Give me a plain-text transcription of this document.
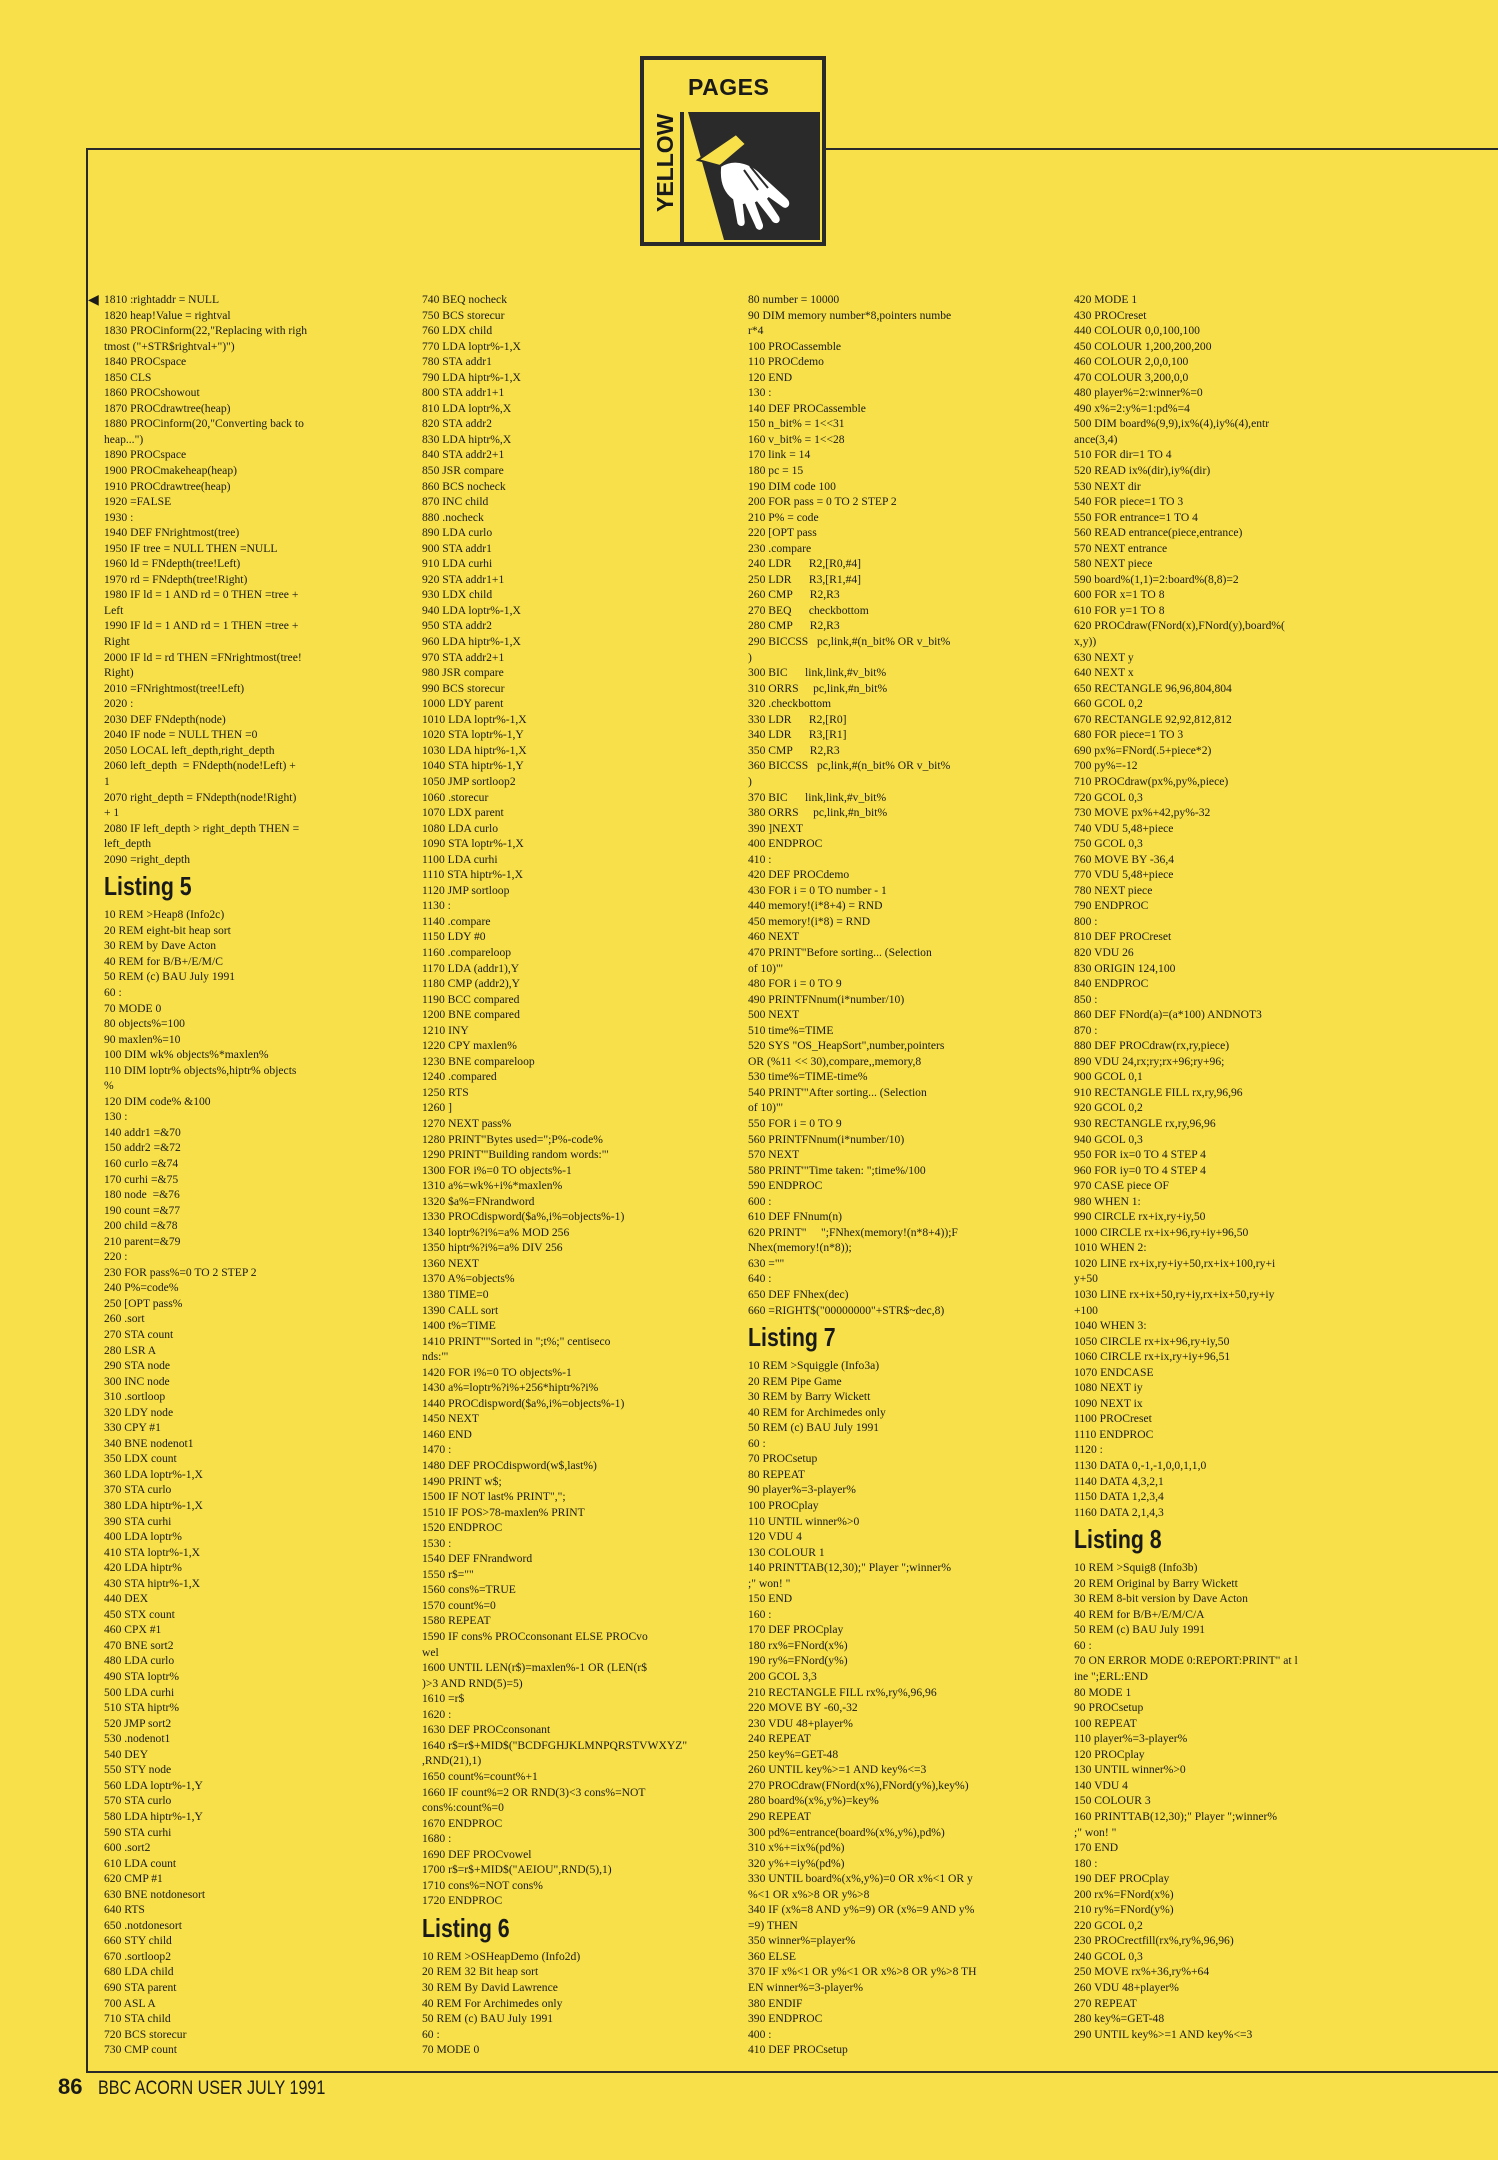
PAGES
YELLOW
◀ 1810 :rightaddr = NULL
1820 heap!Value = rightval
1830 PROCinform(22,"Replacing with righ
tmost ("+STR$rightval+")")
1840 PROCspace
1850 CLS
1860 PROCshowout
1870 PROCdrawtree(heap)
1880 PROCinform(20,"Converting back to
heap...")
1890 PROCspace
1900 PROCmakeheap(heap)
1910 PROCdrawtree(heap)
1920 =FALSE
1930 :
1940 DEF FNrightmost(tree)
1950 IF tree = NULL THEN =NULL
1960 ld = FNdepth(tree!Left)
1970 rd = FNdepth(tree!Right)
1980 IF ld = 1 AND rd = 0 THEN =tree +
Left
1990 IF ld = 1 AND rd = 1 THEN =tree +
Right
2000 IF ld = rd THEN =FNrightmost(tree!
Right)
2010 =FNrightmost(tree!Left)
2020 :
2030 DEF FNdepth(node)
2040 IF node = NULL THEN =0
2050 LOCAL left_depth,right_depth
2060 left_depth  = FNdepth(node!Left) +
1
2070 right_depth = FNdepth(node!Right)
+ 1
2080 IF left_depth > right_depth THEN =
left_depth
2090 =right_depth
Listing 5
10 REM >Heap8 (Info2c)
20 REM eight-bit heap sort
30 REM by Dave Acton
40 REM for B/B+/E/M/C
50 REM (c) BAU July 1991
60 :
70 MODE 0
80 objects%=100
90 maxlen%=10
100 DIM wk% objects%*maxlen%
110 DIM loptr% objects%,hiptr% objects
%
120 DIM code% &100
130 :
140 addr1 =&70
150 addr2 =&72
160 curlo =&74
170 curhi =&75
180 node  =&76
190 count =&77
200 child =&78
210 parent=&79
220 :
230 FOR pass%=0 TO 2 STEP 2
240 P%=code%
250 [OPT pass%
260 .sort
270 STA count
280 LSR A
290 STA node
300 INC node
310 .sortloop
320 LDY node
330 CPY #1
340 BNE nodenot1
350 LDX count
360 LDA loptr%-1,X
370 STA curlo
380 LDA hiptr%-1,X
390 STA curhi
400 LDA loptr%
410 STA loptr%-1,X
420 LDA hiptr%
430 STA hiptr%-1,X
440 DEX
450 STX count
460 CPX #1
470 BNE sort2
480 LDA curlo
490 STA loptr%
500 LDA curhi
510 STA hiptr%
520 JMP sort2
530 .nodenot1
540 DEY
550 STY node
560 LDA loptr%-1,Y
570 STA curlo
580 LDA hiptr%-1,Y
590 STA curhi
600 .sort2
610 LDA count
620 CMP #1
630 BNE notdonesort
640 RTS
650 .notdonesort
660 STY child
670 .sortloop2
680 LDA child
690 STA parent
700 ASL A
710 STA child
720 BCS storecur
730 CMP count
740 BEQ nocheck
750 BCS storecur
760 LDX child
770 LDA loptr%-1,X
780 STA addr1
790 LDA hiptr%-1,X
800 STA addr1+1
810 LDA loptr%,X
820 STA addr2
830 LDA hiptr%,X
840 STA addr2+1
850 JSR compare
860 BCS nocheck
870 INC child
880 .nocheck
890 LDA curlo
900 STA addr1
910 LDA curhi
920 STA addr1+1
930 LDX child
940 LDA loptr%-1,X
950 STA addr2
960 LDA hiptr%-1,X
970 STA addr2+1
980 JSR compare
990 BCS storecur
1000 LDY parent
1010 LDA loptr%-1,X
1020 STA loptr%-1,Y
1030 LDA hiptr%-1,X
1040 STA hiptr%-1,Y
1050 JMP sortloop2
1060 .storecur
1070 LDX parent
1080 LDA curlo
1090 STA loptr%-1,X
1100 LDA curhi
1110 STA hiptr%-1,X
1120 JMP sortloop
1130 :
1140 .compare
1150 LDY #0
1160 .compareloop
1170 LDA (addr1),Y
1180 CMP (addr2),Y
1190 BCC compared
1200 BNE compared
1210 INY
1220 CPY maxlen%
1230 BNE compareloop
1240 .compared
1250 RTS
1260 ]
1270 NEXT pass%
1280 PRINT"Bytes used=";P%-code%
1290 PRINT'"Building random words:"'
1300 FOR i%=0 TO objects%-1
1310 a%=wk%+i%*maxlen%
1320 $a%=FNrandword
1330 PROCdispword($a%,i%=objects%-1)
1340 loptr%?i%=a% MOD 256
1350 hiptr%?i%=a% DIV 256
1360 NEXT
1370 A%=objects%
1380 TIME=0
1390 CALL sort
1400 t%=TIME
1410 PRINT''"Sorted in ";t%;" centiseco
nds:"'
1420 FOR i%=0 TO objects%-1
1430 a%=loptr%?i%+256*hiptr%?i%
1440 PROCdispword($a%,i%=objects%-1)
1450 NEXT
1460 END
1470 :
1480 DEF PROCdispword(w$,last%)
1490 PRINT w$;
1500 IF NOT last% PRINT",";
1510 IF POS>78-maxlen% PRINT
1520 ENDPROC
1530 :
1540 DEF FNrandword
1550 r$=""
1560 cons%=TRUE
1570 count%=0
1580 REPEAT
1590 IF cons% PROCconsonant ELSE PROCvo
wel
1600 UNTIL LEN(r$)=maxlen%-1 OR (LEN(r$
)>3 AND RND(5)=5)
1610 =r$
1620 :
1630 DEF PROCconsonant
1640 r$=r$+MID$("BCDFGHJKLMNPQRSTVWXYZ"
,RND(21),1)
1650 count%=count%+1
1660 IF count%=2 OR RND(3)<3 cons%=NOT
cons%:count%=0
1670 ENDPROC
1680 :
1690 DEF PROCvowel
1700 r$=r$+MID$("AEIOU",RND(5),1)
1710 cons%=NOT cons%
1720 ENDPROC
Listing 6
10 REM >OSHeapDemo (Info2d)
20 REM 32 Bit heap sort
30 REM By David Lawrence
40 REM For Archimedes only
50 REM (c) BAU July 1991
60 :
70 MODE 0
80 number = 10000
90 DIM memory number*8,pointers numbe
r*4
100 PROCassemble
110 PROCdemo
120 END
130 :
140 DEF PROCassemble
150 n_bit% = 1<<31
160 v_bit% = 1<<28
170 link = 14
180 pc = 15
190 DIM code 100
200 FOR pass = 0 TO 2 STEP 2
210 P% = code
220 [OPT pass
230 .compare
240 LDR      R2,[R0,#4]
250 LDR      R3,[R1,#4]
260 CMP      R2,R3
270 BEQ      checkbottom
280 CMP      R2,R3
290 BICCSS   pc,link,#(n_bit% OR v_bit%
)
300 BIC      link,link,#v_bit%
310 ORRS     pc,link,#n_bit%
320 .checkbottom
330 LDR      R2,[R0]
340 LDR      R3,[R1]
350 CMP      R2,R3
360 BICCSS   pc,link,#(n_bit% OR v_bit%
)
370 BIC      link,link,#v_bit%
380 ORRS     pc,link,#n_bit%
390 ]NEXT
400 ENDPROC
410 :
420 DEF PROCdemo
430 FOR i = 0 TO number - 1
440 memory!(i*8+4) = RND
450 memory!(i*8) = RND
460 NEXT
470 PRINT"Before sorting... (Selection
of 10)"'
480 FOR i = 0 TO 9
490 PRINTFNnum(i*number/10)
500 NEXT
510 time%=TIME
520 SYS "OS_HeapSort",number,pointers
OR (%11 << 30),compare,,memory,8
530 time%=TIME-time%
540 PRINT'"After sorting... (Selection
of 10)"'
550 FOR i = 0 TO 9
560 PRINTFNnum(i*number/10)
570 NEXT
580 PRINT'"Time taken: ";time%/100
590 ENDPROC
600 :
610 DEF FNnum(n)
620 PRINT"     ";FNhex(memory!(n*8+4));F
Nhex(memory!(n*8));
630 =""
640 :
650 DEF FNhex(dec)
660 =RIGHT$("00000000"+STR$~dec,8)
Listing 7
10 REM >Squiggle (Info3a)
20 REM Pipe Game
30 REM by Barry Wickett
40 REM for Archimedes only
50 REM (c) BAU July 1991
60 :
70 PROCsetup
80 REPEAT
90 player%=3-player%
100 PROCplay
110 UNTIL winner%>0
120 VDU 4
130 COLOUR 1
140 PRINTTAB(12,30);" Player ";winner%
;" won! "
150 END
160 :
170 DEF PROCplay
180 rx%=FNord(x%)
190 ry%=FNord(y%)
200 GCOL 3,3
210 RECTANGLE FILL rx%,ry%,96,96
220 MOVE BY -60,-32
230 VDU 48+player%
240 REPEAT
250 key%=GET-48
260 UNTIL key%>=1 AND key%<=3
270 PROCdraw(FNord(x%),FNord(y%),key%)
280 board%(x%,y%)=key%
290 REPEAT
300 pd%=entrance(board%(x%,y%),pd%)
310 x%+=ix%(pd%)
320 y%+=iy%(pd%)
330 UNTIL board%(x%,y%)=0 OR x%<1 OR y
%<1 OR x%>8 OR y%>8
340 IF (x%=8 AND y%=9) OR (x%=9 AND y%
=9) THEN
350 winner%=player%
360 ELSE
370 IF x%<1 OR y%<1 OR x%>8 OR y%>8 TH
EN winner%=3-player%
380 ENDIF
390 ENDPROC
400 :
410 DEF PROCsetup
420 MODE 1
430 PROCreset
440 COLOUR 0,0,100,100
450 COLOUR 1,200,200,200
460 COLOUR 2,0,0,100
470 COLOUR 3,200,0,0
480 player%=2:winner%=0
490 x%=2:y%=1:pd%=4
500 DIM board%(9,9),ix%(4),iy%(4),entr
ance(3,4)
510 FOR dir=1 TO 4
520 READ ix%(dir),iy%(dir)
530 NEXT dir
540 FOR piece=1 TO 3
550 FOR entrance=1 TO 4
560 READ entrance(piece,entrance)
570 NEXT entrance
580 NEXT piece
590 board%(1,1)=2:board%(8,8)=2
600 FOR x=1 TO 8
610 FOR y=1 TO 8
620 PROCdraw(FNord(x),FNord(y),board%(
x,y))
630 NEXT y
640 NEXT x
650 RECTANGLE 96,96,804,804
660 GCOL 0,2
670 RECTANGLE 92,92,812,812
680 FOR piece=1 TO 3
690 px%=FNord(.5+piece*2)
700 py%=-12
710 PROCdraw(px%,py%,piece)
720 GCOL 0,3
730 MOVE px%+42,py%-32
740 VDU 5,48+piece
750 GCOL 0,3
760 MOVE BY -36,4
770 VDU 5,48+piece
780 NEXT piece
790 ENDPROC
800 :
810 DEF PROCreset
820 VDU 26
830 ORIGIN 124,100
840 ENDPROC
850 :
860 DEF FNord(a)=(a*100) ANDNOT3
870 :
880 DEF PROCdraw(rx,ry,piece)
890 VDU 24,rx;ry;rx+96;ry+96;
900 GCOL 0,1
910 RECTANGLE FILL rx,ry,96,96
920 GCOL 0,2
930 RECTANGLE rx,ry,96,96
940 GCOL 0,3
950 FOR ix=0 TO 4 STEP 4
960 FOR iy=0 TO 4 STEP 4
970 CASE piece OF
980 WHEN 1:
990 CIRCLE rx+ix,ry+iy,50
1000 CIRCLE rx+ix+96,ry+iy+96,50
1010 WHEN 2:
1020 LINE rx+ix,ry+iy+50,rx+ix+100,ry+i
y+50
1030 LINE rx+ix+50,ry+iy,rx+ix+50,ry+iy
+100
1040 WHEN 3:
1050 CIRCLE rx+ix+96,ry+iy,50
1060 CIRCLE rx+ix,ry+iy+96,51
1070 ENDCASE
1080 NEXT iy
1090 NEXT ix
1100 PROCreset
1110 ENDPROC
1120 :
1130 DATA 0,-1,-1,0,0,1,1,0
1140 DATA 4,3,2,1
1150 DATA 1,2,3,4
1160 DATA 2,1,4,3
Listing 8
10 REM >Squig8 (Info3b)
20 REM Original by Barry Wickett
30 REM 8-bit version by Dave Acton
40 REM for B/B+/E/M/C/A
50 REM (c) BAU July 1991
60 :
70 ON ERROR MODE 0:REPORT:PRINT" at l
ine ";ERL:END
80 MODE 1
90 PROCsetup
100 REPEAT
110 player%=3-player%
120 PROCplay
130 UNTIL winner%>0
140 VDU 4
150 COLOUR 3
160 PRINTTAB(12,30);" Player ";winner%
;" won! "
170 END
180 :
190 DEF PROCplay
200 rx%=FNord(x%)
210 ry%=FNord(y%)
220 GCOL 0,2
230 PROCrectfill(rx%,ry%,96,96)
240 GCOL 0,3
250 MOVE rx%+36,ry%+64
260 VDU 48+player%
270 REPEAT
280 key%=GET-48
290 UNTIL key%>=1 AND key%<=3
86 BBC ACORN USER JULY 1991
